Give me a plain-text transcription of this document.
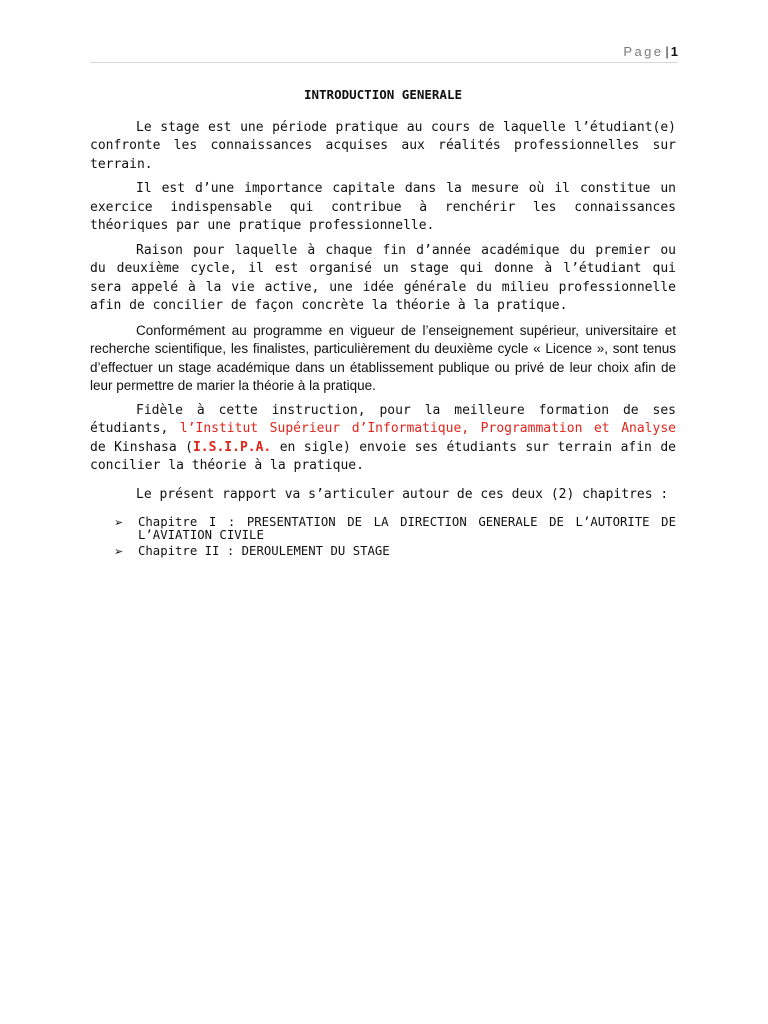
Page | 1
INTRODUCTION GENERALE

Le stage est une période pratique au cours de laquelle l’étudiant(e) confronte les connaissances acquises aux réalités professionnelles sur terrain.

Il est d’une importance capitale dans la mesure où il constitue un exercice indispensable qui contribue à renchérir les connaissances théoriques par une pratique professionnelle.

Raison pour laquelle à chaque fin d’année académique du premier ou du deuxième cycle, il est organisé un stage qui donne à l’étudiant qui sera appelé à la vie active, une idée générale du milieu professionnelle afin de concilier de façon concrète la théorie à la pratique.

Conformément au programme en vigueur de l’enseignement supérieur, universitaire et recherche scientifique, les finalistes, particulièrement du deuxième cycle « Licence », sont tenus d’effectuer un stage académique dans un établissement publique ou privé de leur choix afin de leur permettre de marier la théorie à la pratique.

Fidèle à cette instruction, pour la meilleure formation de ses étudiants, l’Institut Supérieur d’Informatique, Programmation et Analyse de Kinshasa (I.S.I.P.A. en sigle) envoie ses étudiants sur terrain afin de concilier la théorie à la pratique.

Le présent rapport va s’articuler autour de ces deux (2) chapitres :

➢ Chapitre I : PRESENTATION DE LA DIRECTION GENERALE DE L’AUTORITE DE L’AVIATION CIVILE
➢ Chapitre II : DEROULEMENT DU STAGE
